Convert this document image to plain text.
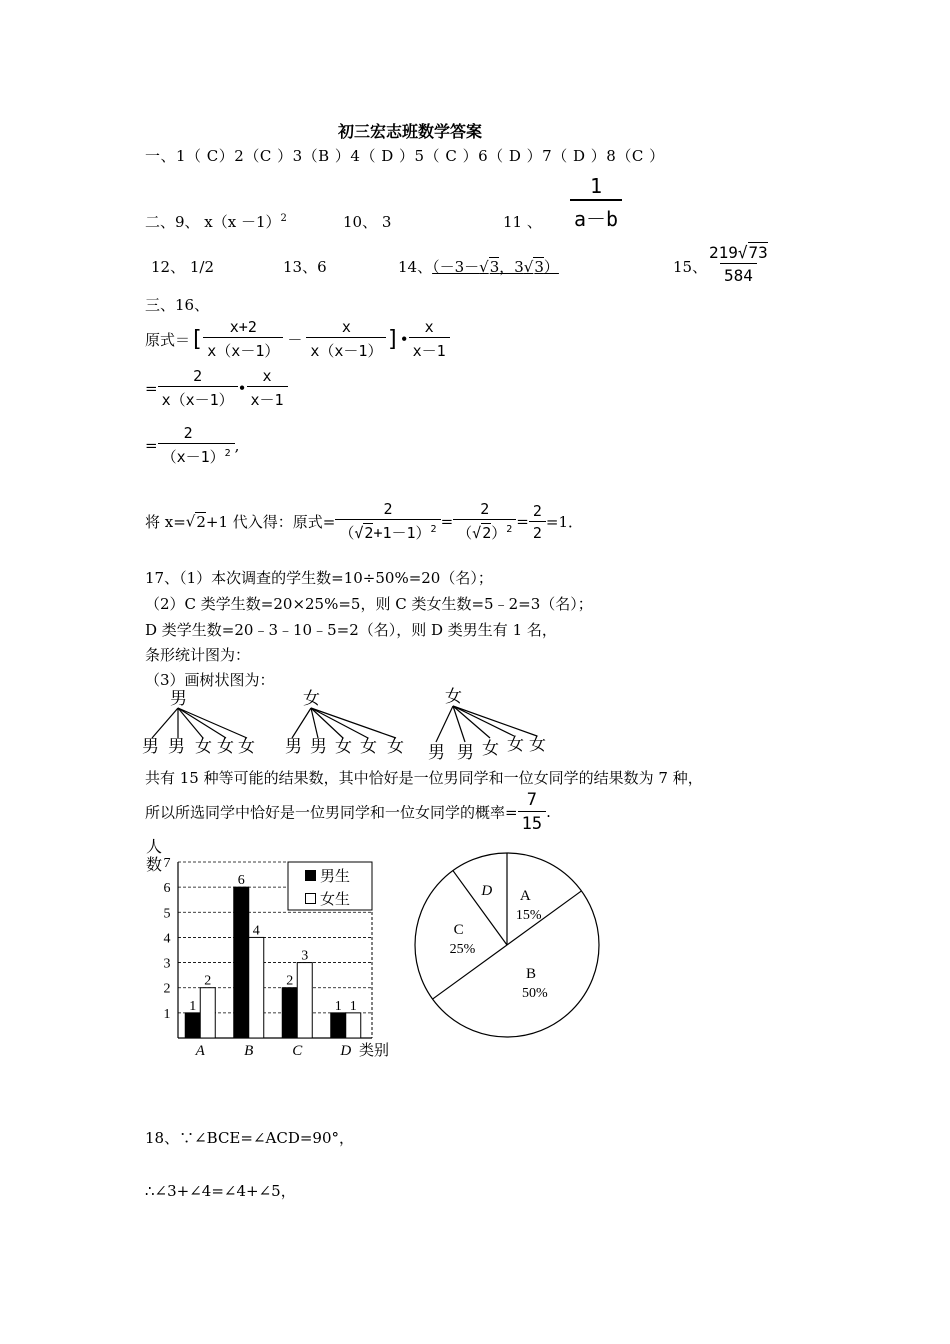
初三宏志班数学答案
一、1（ C）2（C ）3（B ）4（ D ）5（ C ）6（ D ）7（ D ）8（C ）
二、9、 $x(x -1)^2$	10、 3	11 、 $\frac{1}{a-b}$
12、 1/2	13、6	14、（－3－√3，3√3）	15、
$\frac{219√73}{584}$
三、16、
原式＝[ $\frac{x+2}{x(x-1)} - \frac{x}{x(x-1)}$ ]• $\frac{x}{x-1}$
= $\frac{2}{x(x-1)}$ • $\frac{x}{x-1}$
= $\frac{2}{(x-1)^2}$ ,
将 x=√2+1 代入得：原式= $\frac{2}{(√2+1-1)^2} = \frac{2}{(√2)^2} = \frac{2}{2} =1$．
17、（1）本次调查的学生数=10÷50%=20（名）；
（2）C 类学生数=20×25%=5，则 C 类女生数=5﹣2=3（名）；
D 类学生数=20﹣3﹣10﹣5=2（名），则 D 类男生有 1 名，
条形统计图为：
（3）画树状图为：
男
男 男 女 女 女
女
男 男 女 女 女
女
男 男 女 女 女
共有 15 种等可能的结果数，其中恰好是一位男同学和一位女同学的结果数为 7 种，
所以所选同学中恰好是一位男同学和一位女同学的概率= $\frac{7}{15}$ .
人
数
1
2
3
4
5
6
7
1
2
A
6
4
B
2
3
C
1 1
D
男生
女生
类别
A
15%
B
50%
C
25%
D
18、∵∠BCE=∠ACD=90°，
∴∠3+∠4=∠4+∠5，
